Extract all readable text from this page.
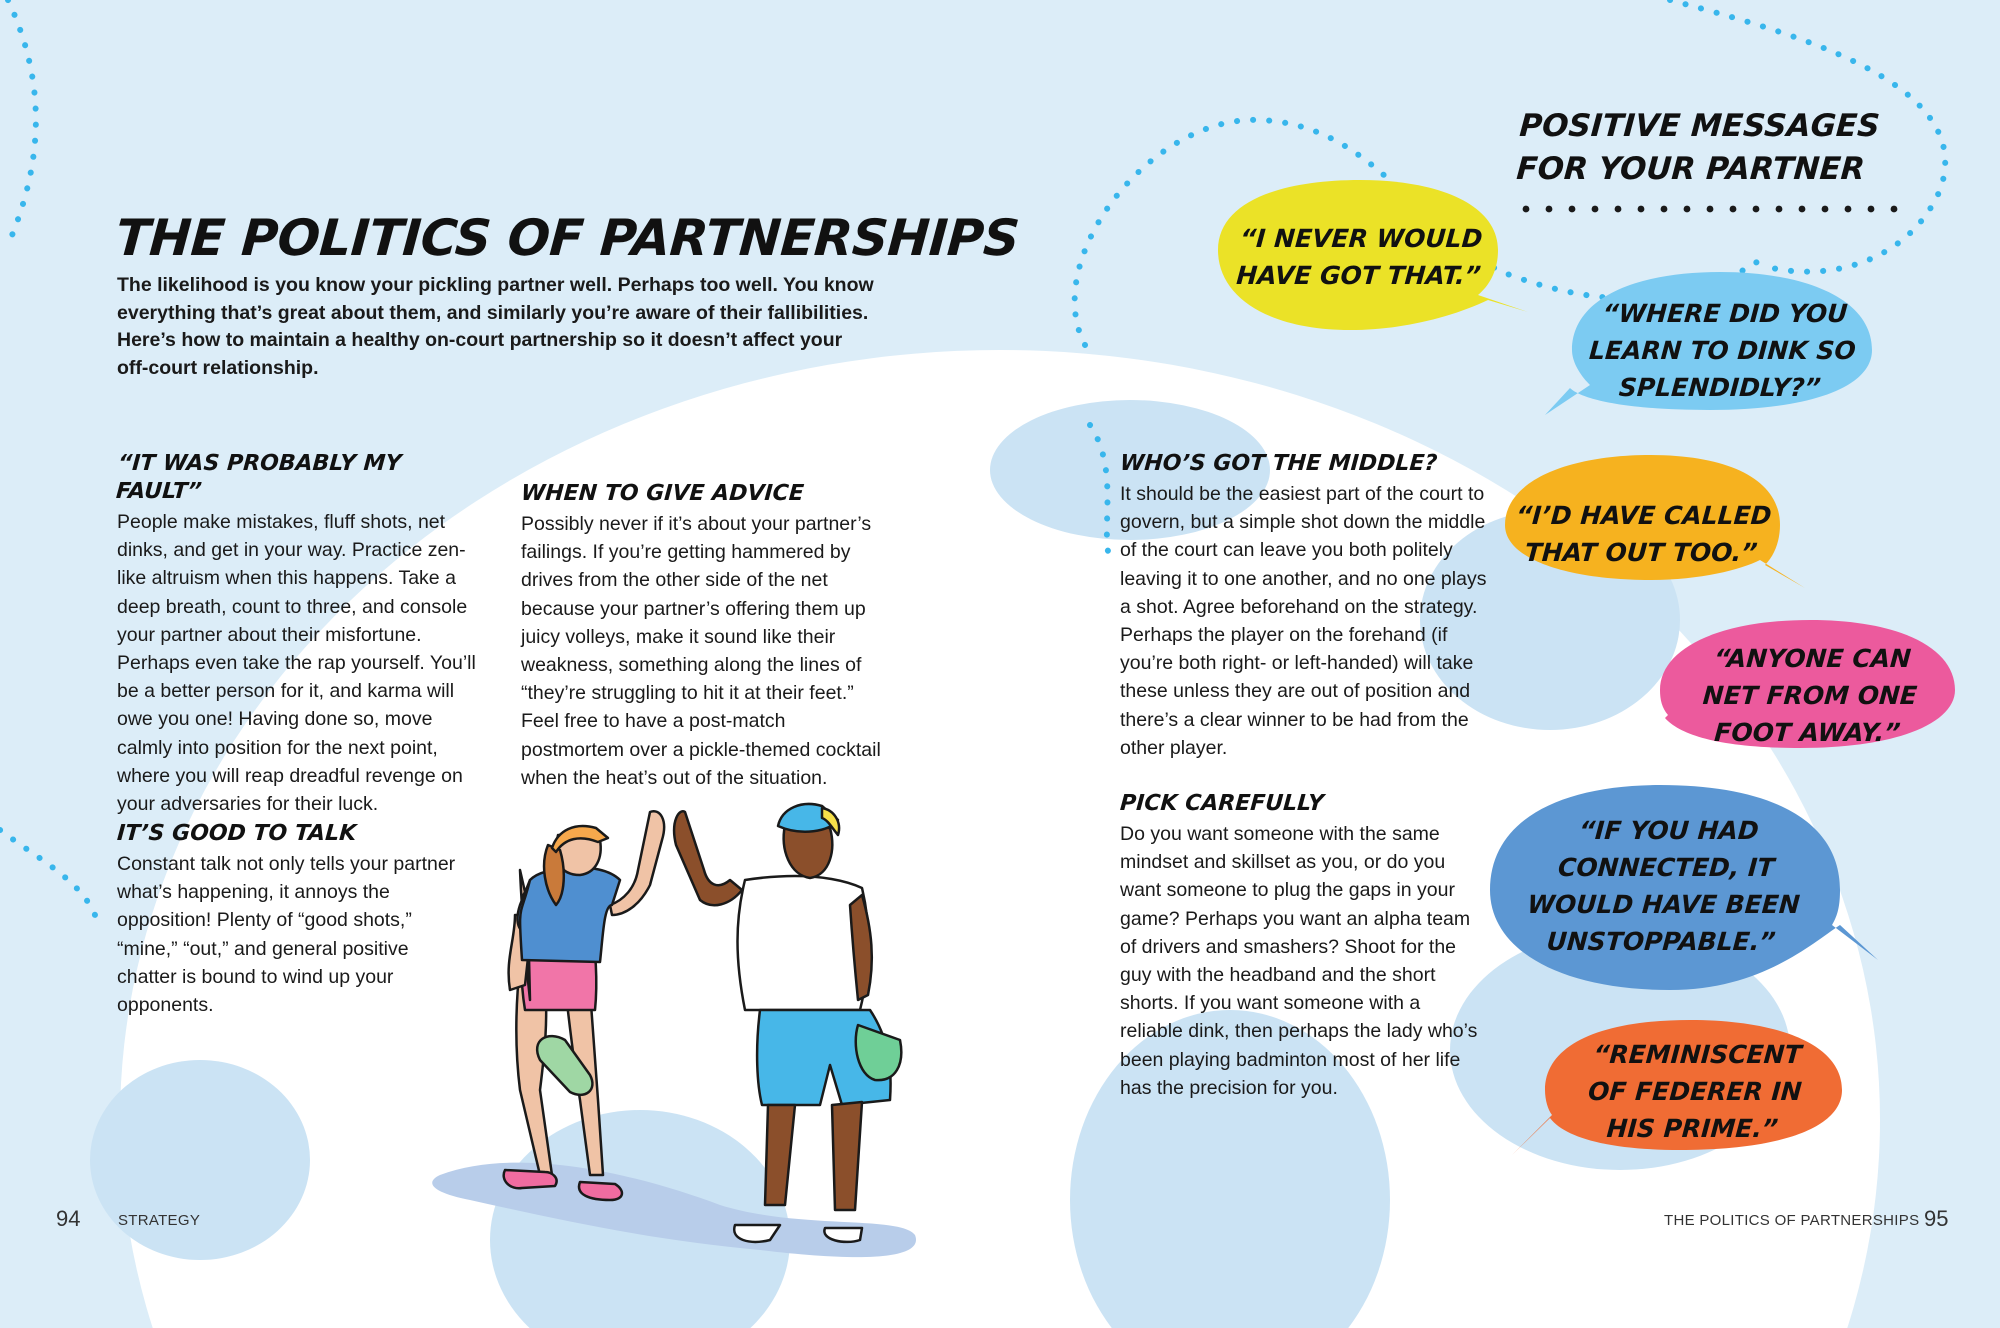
THE POLITICS OF PARTNERSHIPS

The likelihood is you know your pickling partner well. Perhaps too well. You know everything that’s great about them, and similarly you’re aware of their fallibilities. Here’s how to maintain a healthy on-court partnership so it doesn’t affect your off-court relationship.

“IT WAS PROBABLY MY FAULT”

People make mistakes, fluff shots, net dinks, and get in your way. Practice zen-like altruism when this happens. Take a deep breath, count to three, and console your partner about their misfortune. Perhaps even take the rap yourself. You’ll be a better person for it, and karma will owe you one! Having done so, move calmly into position for the next point, where you will reap dreadful revenge on your adversaries for their luck.

WHEN TO GIVE ADVICE

Possibly never if it’s about your partner’s failings. If you’re getting hammered by drives from the other side of the net because your partner’s offering them up juicy volleys, make it sound like their weakness, something along the lines of “they’re struggling to hit it at their feet.” Feel free to have a post-match postmortem over a pickle-themed cocktail when the heat’s out of the situation.

IT’S GOOD TO TALK

Constant talk not only tells your partner what’s happening, it annoys the opposition! Plenty of “good shots,” “mine,” “out,” and general positive chatter is bound to wind up your opponents.

WHO’S GOT THE MIDDLE?

It should be the easiest part of the court to govern, but a simple shot down the middle of the court can leave you both politely leaving it to one another, and no one plays a shot. Agree beforehand on the strategy. Perhaps the player on the forehand (if you’re both right- or left-handed) will take these unless they are out of position and there’s a clear winner to be had from the other player.

PICK CAREFULLY

Do you want someone with the same mindset and skillset as you, or do you want someone to plug the gaps in your game? Perhaps you want an alpha team of drivers and smashers? Shoot for the guy with the headband and the short shorts. If you want someone with a reliable dink, then perhaps the lady who’s been playing badminton most of her life has the precision for you.

POSITIVE MESSAGES
FOR YOUR PARTNER
“I NEVER WOULD
HAVE GOT THAT.”
“WHERE DID YOU
LEARN TO DINK SO
SPLENDIDLY?”
“I’D HAVE CALLED
THAT OUT TOO.”
“ANYONE CAN
NET FROM ONE
FOOT AWAY.”
“IF YOU HAD
CONNECTED, IT
WOULD HAVE BEEN
UNSTOPPABLE.”
“REMINISCENT
OF FEDERER IN
HIS PRIME.”
94	STRATEGY	THE POLITICS OF PARTNERSHIPS 95
